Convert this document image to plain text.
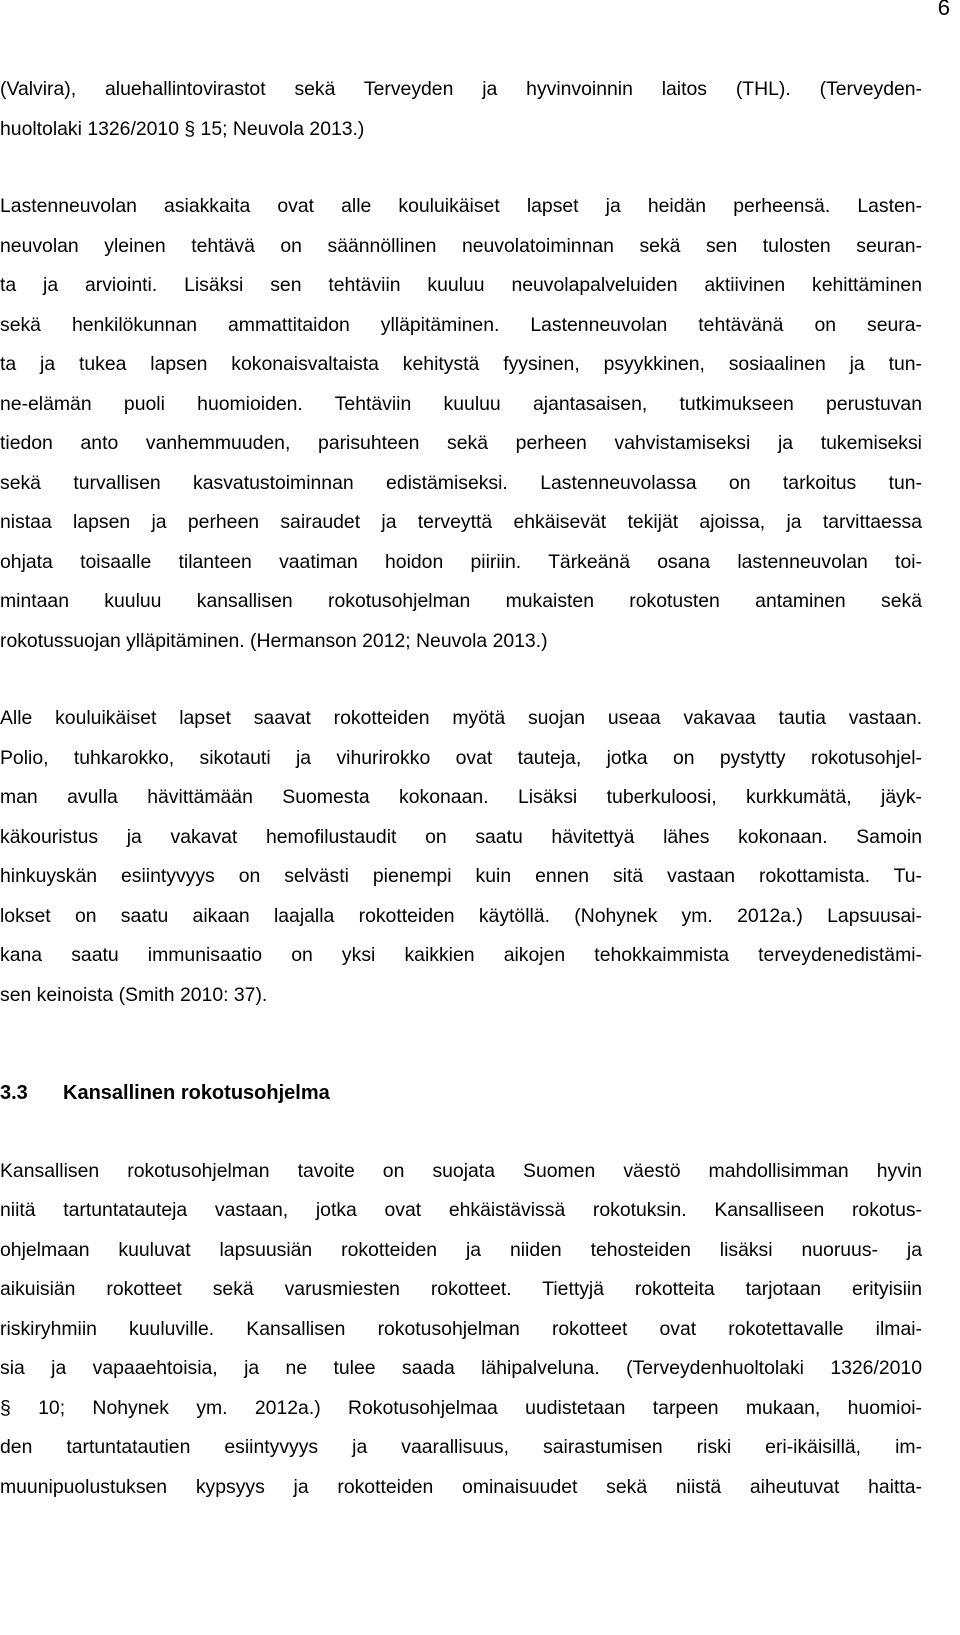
6

(Valvira), aluehallintovirastot sekä Terveyden ja hyvinvoinnin laitos (THL). (Terveyden-
huoltolaki 1326/2010 § 15; Neuvola 2013.)

Lastenneuvolan asiakkaita ovat alle kouluikäiset lapset ja heidän perheensä. Lasten-
neuvolan yleinen tehtävä on säännöllinen neuvolatoiminnan sekä sen tulosten seuran-
ta ja arviointi. Lisäksi sen tehtäviin kuuluu neuvolapalveluiden aktiivinen kehittäminen
sekä henkilökunnan ammattitaidon ylläpitäminen. Lastenneuvolan tehtävänä on seura-
ta ja tukea lapsen kokonaisvaltaista kehitystä fyysinen, psyykkinen, sosiaalinen ja tun-
ne-elämän puoli huomioiden. Tehtäviin kuuluu ajantasaisen, tutkimukseen perustuvan
tiedon anto vanhemmuuden, parisuhteen sekä perheen vahvistamiseksi ja tukemiseksi
sekä turvallisen kasvatustoiminnan edistämiseksi. Lastenneuvolassa on tarkoitus tun-
nistaa lapsen ja perheen sairaudet ja terveyttä ehkäisevät tekijät ajoissa, ja tarvittaessa
ohjata toisaalle tilanteen vaatiman hoidon piiriin. Tärkeänä osana lastenneuvolan toi-
mintaan kuuluu kansallisen rokotusohjelman mukaisten rokotusten antaminen sekä
rokotussuojan ylläpitäminen. (Hermanson 2012; Neuvola 2013.)

Alle kouluikäiset lapset saavat rokotteiden myötä suojan useaa vakavaa tautia vastaan.
Polio, tuhkarokko, sikotauti ja vihurirokko ovat tauteja, jotka on pystytty rokotusohjel-
man avulla hävittämään Suomesta kokonaan. Lisäksi tuberkuloosi, kurkkumätä, jäyk-
käkouristus ja vakavat hemofilustaudit on saatu hävitettyä lähes kokonaan. Samoin
hinkuyskän esiintyvyys on selvästi pienempi kuin ennen sitä vastaan rokottamista. Tu-
lokset on saatu aikaan laajalla rokotteiden käytöllä. (Nohynek ym. 2012a.) Lapsuusai-
kana saatu immunisaatio on yksi kaikkien aikojen tehokkaimmista terveydenedistämi-
sen keinoista (Smith 2010: 37).

3.3	Kansallinen rokotusohjelma

Kansallisen rokotusohjelman tavoite on suojata Suomen väestö mahdollisimman hyvin
niitä tartuntatauteja vastaan, jotka ovat ehkäistävissä rokotuksin. Kansalliseen rokotus-
ohjelmaan kuuluvat lapsuusiän rokotteiden ja niiden tehosteiden lisäksi nuoruus- ja
aikuisiän rokotteet sekä varusmiesten rokotteet. Tiettyjä rokotteita tarjotaan erityisiin
riskiryhmiin kuuluville. Kansallisen rokotusohjelman rokotteet ovat rokotettavalle ilmai-
sia ja vapaaehtoisia, ja ne tulee saada lähipalveluna. (Terveydenhuoltolaki 1326/2010
§ 10; Nohynek ym. 2012a.) Rokotusohjelmaa uudistetaan tarpeen mukaan, huomioi-
den tartuntatautien esiintyvyys ja vaarallisuus, sairastumisen riski eri-ikäisillä, im-
muunipuolustuksen kypsyys ja rokotteiden ominaisuudet sekä niistä aiheutuvat haitta-
